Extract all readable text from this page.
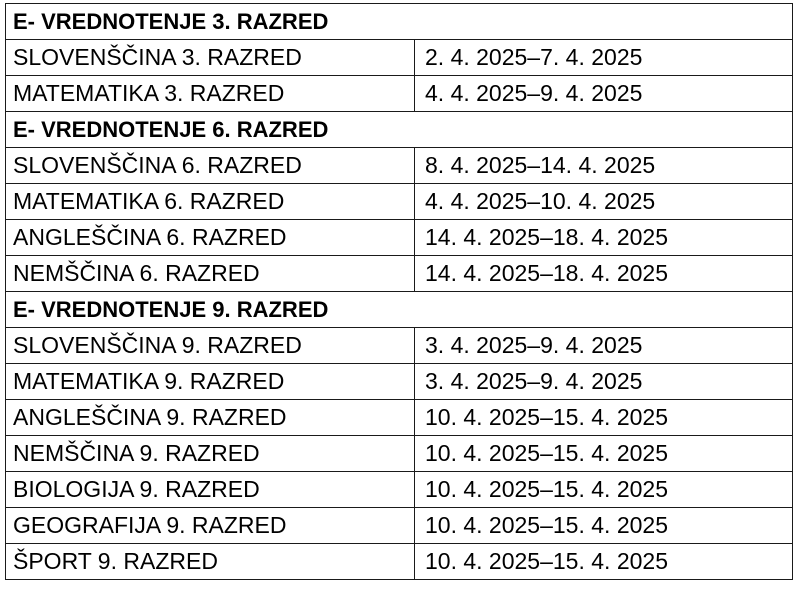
E- VREDNOTENJE 3. RAZRED	
SLOVENŠČINA 3. RAZRED	2. 4. 2025–7. 4. 2025
MATEMATIKA 3. RAZRED	4. 4. 2025–9. 4. 2025
E- VREDNOTENJE 6. RAZRED	
SLOVENŠČINA 6. RAZRED	8. 4. 2025–14. 4. 2025
MATEMATIKA 6. RAZRED	4. 4. 2025–10. 4. 2025
ANGLEŠČINA 6. RAZRED	14. 4. 2025–18. 4. 2025
NEMŠČINA 6. RAZRED	14. 4. 2025–18. 4. 2025
E- VREDNOTENJE 9. RAZRED	
SLOVENŠČINA 9. RAZRED	3. 4. 2025–9. 4. 2025
MATEMATIKA 9. RAZRED	3. 4. 2025–9. 4. 2025
ANGLEŠČINA 9. RAZRED	10. 4. 2025–15. 4. 2025
NEMŠČINA 9. RAZRED	10. 4. 2025–15. 4. 2025
BIOLOGIJA 9. RAZRED	10. 4. 2025–15. 4. 2025
GEOGRAFIJA 9. RAZRED	10. 4. 2025–15. 4. 2025
ŠPORT 9. RAZRED	10. 4. 2025–15. 4. 2025
